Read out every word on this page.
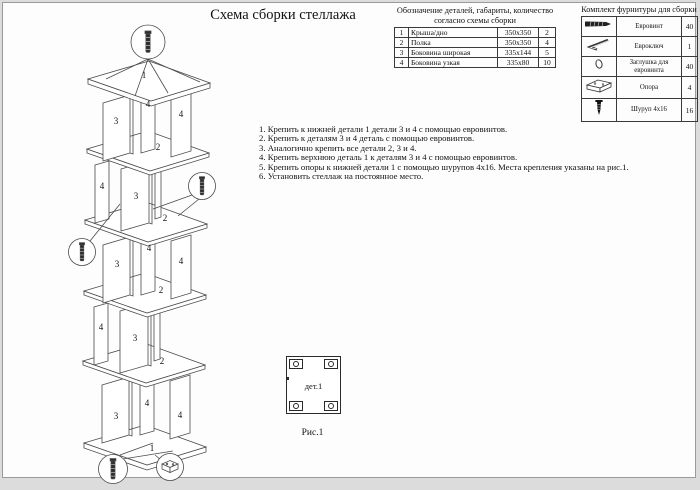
Схема сборки стеллажа
1
4
4
3
2
4
3
2
4
4
3
2
4
3
2
4
4
3
1
Обозначение деталей, габариты, количество
согласно схемы сборки
1	Крыша/дно	350х350	2
2	Полка	350х350	4
3	Боковина широкая	335х144	5
4	Боковина узкая	335х80	10
Комплект фурнитуры для сборки
	Евровинт	40
	Евроключ	1
	Заглушка для евровинта	40
	Опора	4
	Шуруп 4х16	16
1. Крепить к нижней детали 1 детали 3 и 4 с помощью евровинтов.
2. Крепить к деталям 3 и 4 деталь с помощью евровинтов.
3. Аналогично крепить все детали 2, 3 и 4.
4. Крепить верхнюю деталь 1 к деталям 3 и 4 с помощью евровинтов.
5. Крепить опоры к нижней детали 1 с помощью шурупов 4х16. Места крепления указаны на рис.1.
6. Установить стеллаж на постоянное место.
дет.1
Рис.1
